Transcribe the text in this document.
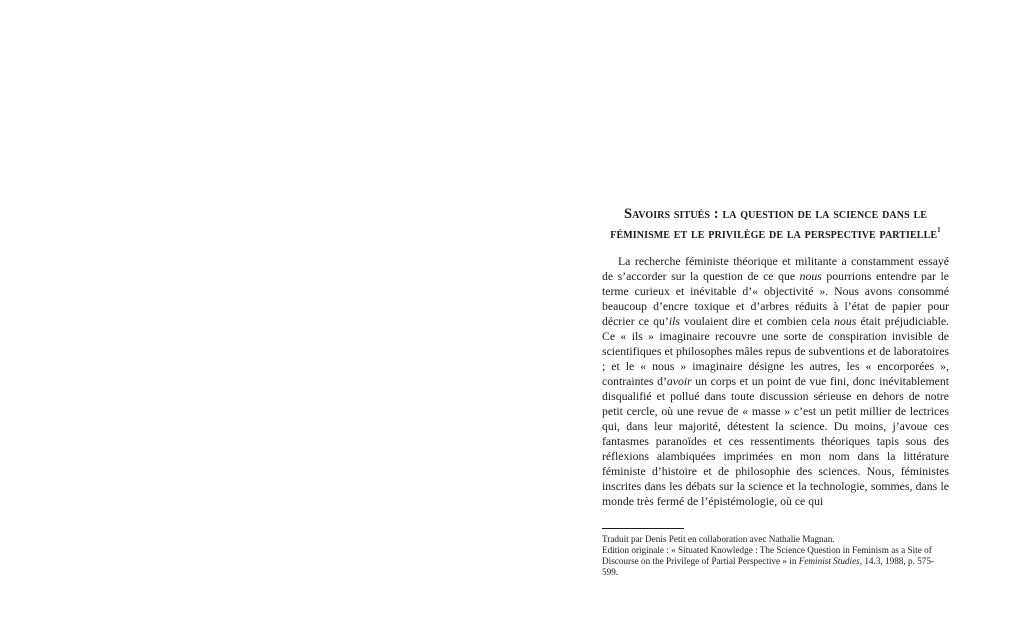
Savoirs situés : la question de la science dans le
féminisme et le privilège de la perspective partielle$^1$

La recherche féministe théorique et militante a constamment essayé de s’accorder sur la question de ce que nous pourrions entendre par le terme curieux et inévitable d’« objectivité ». Nous avons consommé beaucoup d’encre toxique et d’arbres réduits à l’état de papier pour décrier ce qu’ils voulaient dire et combien cela nous était préjudiciable. Ce « ils » imaginaire recouvre une sorte de conspiration invisible de scientifiques et philosophes mâles repus de subventions et de laboratoires ; et le « nous » imaginaire désigne les autres, les « encorporées », contraintes d’avoir un corps et un point de vue fini, donc inévitablement disqualifié et pollué dans toute discussion sérieuse en dehors de notre petit cercle, où une revue de « masse » c’est un petit millier de lectrices qui, dans leur majorité, détestent la science. Du moins, j’avoue ces fantasmes paranoïdes et ces ressentiments théoriques tapis sous des réflexions alambiquées imprimées en mon nom dans la littérature féministe d’histoire et de philosophie des sciences. Nous, féministes inscrites dans les débats sur la science et la technologie, sommes, dans le monde très fermé de l’épistémologie, où ce qui

Traduit par Denis Petit en collaboration avec Nathalie Magnan.

Edition originale : « Situated Knowledge : The Science Question in Feminism as a Site of Discourse on the Privilege of Partial Perspective » in Feminist Studies, 14.3, 1988, p. 575-599.
